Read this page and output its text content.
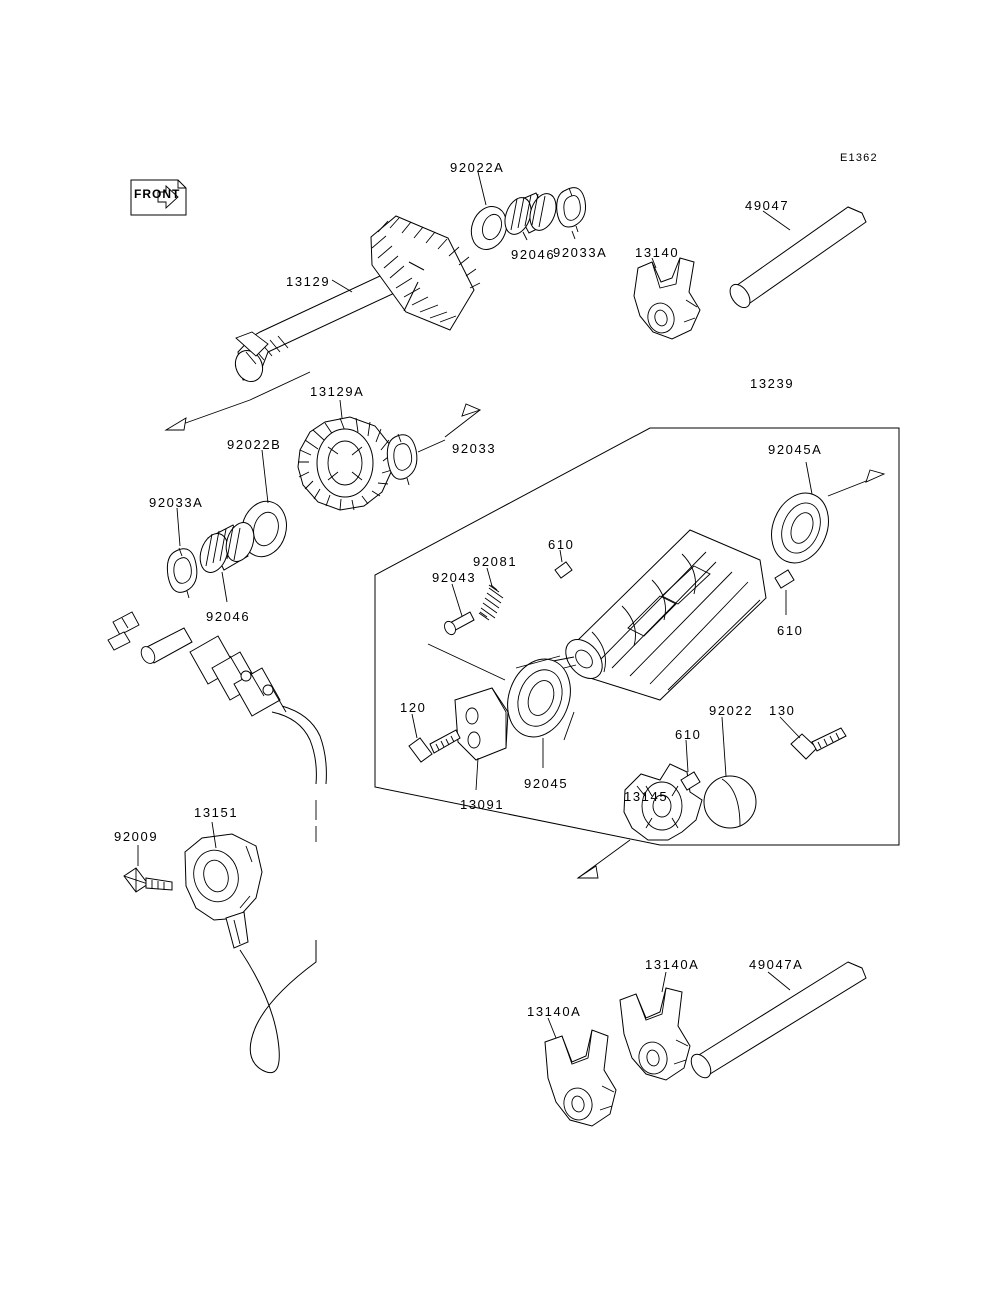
E1362
FRONT
92022A
92033A
92046	13140
49047
13129
13129A
92033
92022B
92033A
92046
13239
92045A
610
92081
92043
610
120
92045
13091
92022 130
610
13145
13151
92009
13140A	49047A
13140A
